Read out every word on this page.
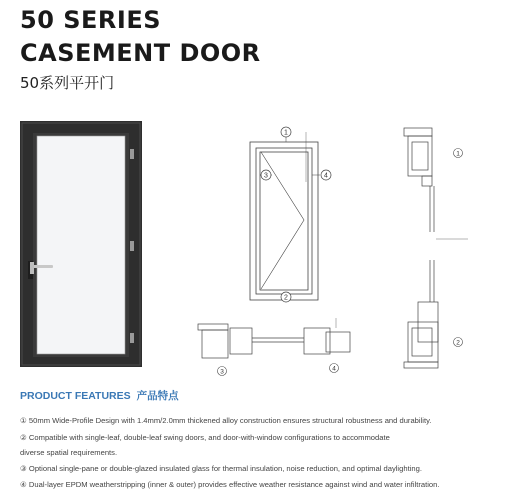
50 SERIES
CASEMENT DOOR
50系列平开门
1
2
3	4
1
2
3	4
PRODUCT FEATURES 产品特点
① 50mm Wide-Profile Design with 1.4mm/2.0mm thickened alloy construction ensures structural robustness and durability.
② Compatible with single-leaf, double-leaf swing doors, and door-with-window configurations to accommodate
diverse spatial requirements.
③ Optional single-pane or double-glazed insulated glass for thermal insulation, noise reduction, and optimal daylighting.
④ Dual-layer EPDM weatherstripping (inner & outer) provides effective weather resistance against wind and water infiltration.
